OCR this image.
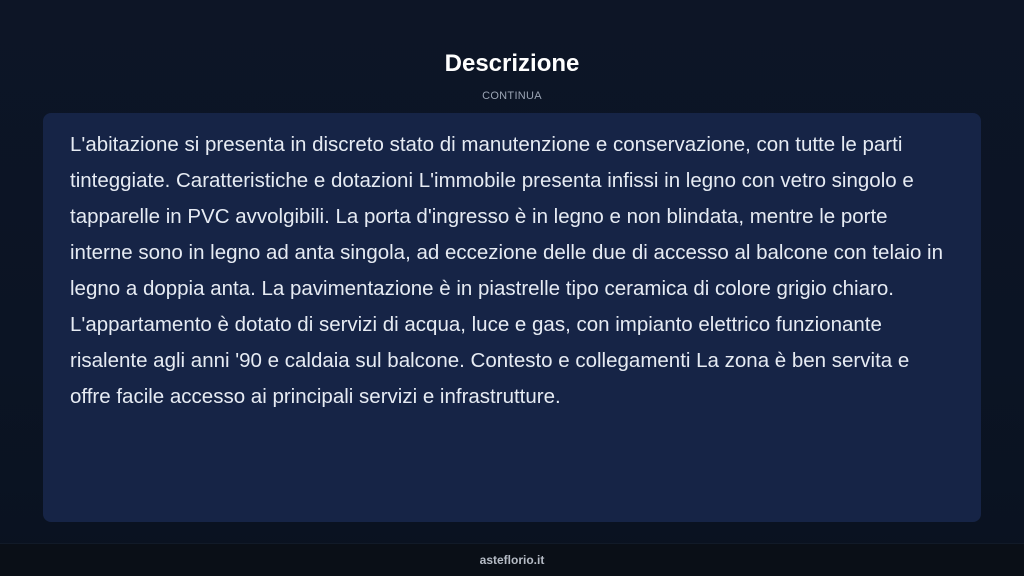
Descrizione
CONTINUA

L'abitazione si presenta in discreto stato di manutenzione e conservazione, con tutte le parti tinteggiate. Caratteristiche e dotazioni L'immobile presenta infissi in legno con vetro singolo e tapparelle in PVC avvolgibili. La porta d'ingresso è in legno e non blindata, mentre le porte interne sono in legno ad anta singola, ad eccezione delle due di accesso al balcone con telaio in legno a doppia anta. La pavimentazione è in piastrelle tipo ceramica di colore grigio chiaro. L'appartamento è dotato di servizi di acqua, luce e gas, con impianto elettrico funzionante risalente agli anni '90 e caldaia sul balcone. Contesto e collegamenti La zona è ben servita e offre facile accesso ai principali servizi e infrastrutture.

asteflorio.it
